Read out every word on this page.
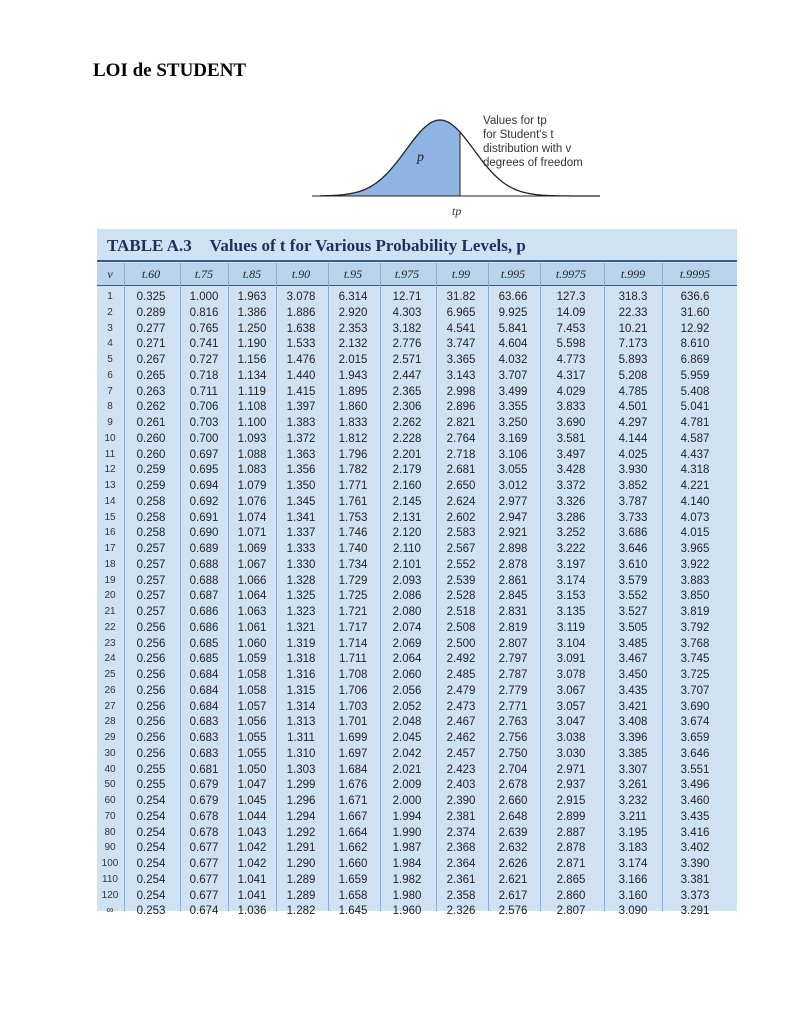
LOI de STUDENT
p
tp
Values for tp
for Student's t
distribution with v
degrees of freedom
TABLE A.3 Values of t for Various Probability Levels, p
ν	t.60	t.75	t.85	t.90	t.95	t.975	t.99	t.995	t.9975	t.999	t.9995
1	0.325	1.000	1.963	3.078	6.314	12.71	31.82	63.66	127.3	318.3	636.6
2	0.289	0.816	1.386	1.886	2.920	4.303	6.965	9.925	14.09	22.33	31.60
3	0.277	0.765	1.250	1.638	2.353	3.182	4.541	5.841	7.453	10.21	12.92
4	0.271	0.741	1.190	1.533	2.132	2.776	3.747	4.604	5.598	7.173	8.610
5	0.267	0.727	1.156	1.476	2.015	2.571	3.365	4.032	4.773	5.893	6.869
6	0.265	0.718	1.134	1.440	1.943	2.447	3.143	3.707	4.317	5.208	5.959
7	0.263	0.711	1.119	1.415	1.895	2.365	2.998	3.499	4.029	4.785	5.408
8	0.262	0.706	1.108	1.397	1.860	2.306	2.896	3.355	3.833	4.501	5.041
9	0.261	0.703	1.100	1.383	1.833	2.262	2.821	3.250	3.690	4.297	4.781
10	0.260	0.700	1.093	1.372	1.812	2.228	2.764	3.169	3.581	4.144	4.587
11	0.260	0.697	1.088	1.363	1.796	2.201	2.718	3.106	3.497	4.025	4.437
12	0.259	0.695	1.083	1.356	1.782	2.179	2.681	3.055	3.428	3.930	4.318
13	0.259	0.694	1.079	1.350	1.771	2.160	2.650	3.012	3.372	3.852	4.221
14	0.258	0.692	1.076	1.345	1.761	2.145	2.624	2.977	3.326	3.787	4.140
15	0.258	0.691	1.074	1.341	1.753	2.131	2.602	2.947	3.286	3.733	4.073
16	0.258	0.690	1.071	1.337	1.746	2.120	2.583	2.921	3.252	3.686	4.015
17	0.257	0.689	1.069	1.333	1.740	2.110	2.567	2.898	3.222	3.646	3.965
18	0.257	0.688	1.067	1.330	1.734	2.101	2.552	2.878	3.197	3.610	3.922
19	0.257	0.688	1.066	1.328	1.729	2.093	2.539	2.861	3.174	3.579	3.883
20	0.257	0.687	1.064	1.325	1.725	2.086	2.528	2.845	3.153	3.552	3.850
21	0.257	0.686	1.063	1.323	1.721	2.080	2.518	2.831	3.135	3.527	3.819
22	0.256	0.686	1.061	1.321	1.717	2.074	2.508	2.819	3.119	3.505	3.792
23	0.256	0.685	1.060	1.319	1.714	2.069	2.500	2.807	3.104	3.485	3.768
24	0.256	0.685	1.059	1.318	1.711	2.064	2.492	2.797	3.091	3.467	3.745
25	0.256	0.684	1.058	1.316	1.708	2.060	2.485	2.787	3.078	3.450	3.725
26	0.256	0.684	1.058	1.315	1.706	2.056	2.479	2.779	3.067	3.435	3.707
27	0.256	0.684	1.057	1.314	1.703	2.052	2.473	2.771	3.057	3.421	3.690
28	0.256	0.683	1.056	1.313	1.701	2.048	2.467	2.763	3.047	3.408	3.674
29	0.256	0.683	1.055	1.311	1.699	2.045	2.462	2.756	3.038	3.396	3.659
30	0.256	0.683	1.055	1.310	1.697	2.042	2.457	2.750	3.030	3.385	3.646
40	0.255	0.681	1.050	1.303	1.684	2.021	2.423	2.704	2.971	3.307	3.551
50	0.255	0.679	1.047	1.299	1.676	2.009	2.403	2.678	2.937	3.261	3.496
60	0.254	0.679	1.045	1.296	1.671	2.000	2.390	2.660	2.915	3.232	3.460
70	0.254	0.678	1.044	1.294	1.667	1.994	2.381	2.648	2.899	3.211	3.435
80	0.254	0.678	1.043	1.292	1.664	1.990	2.374	2.639	2.887	3.195	3.416
90	0.254	0.677	1.042	1.291	1.662	1.987	2.368	2.632	2.878	3.183	3.402
100	0.254	0.677	1.042	1.290	1.660	1.984	2.364	2.626	2.871	3.174	3.390
110	0.254	0.677	1.041	1.289	1.659	1.982	2.361	2.621	2.865	3.166	3.381
120	0.254	0.677	1.041	1.289	1.658	1.980	2.358	2.617	2.860	3.160	3.373
∞	0.253	0.674	1.036	1.282	1.645	1.960	2.326	2.576	2.807	3.090	3.291
